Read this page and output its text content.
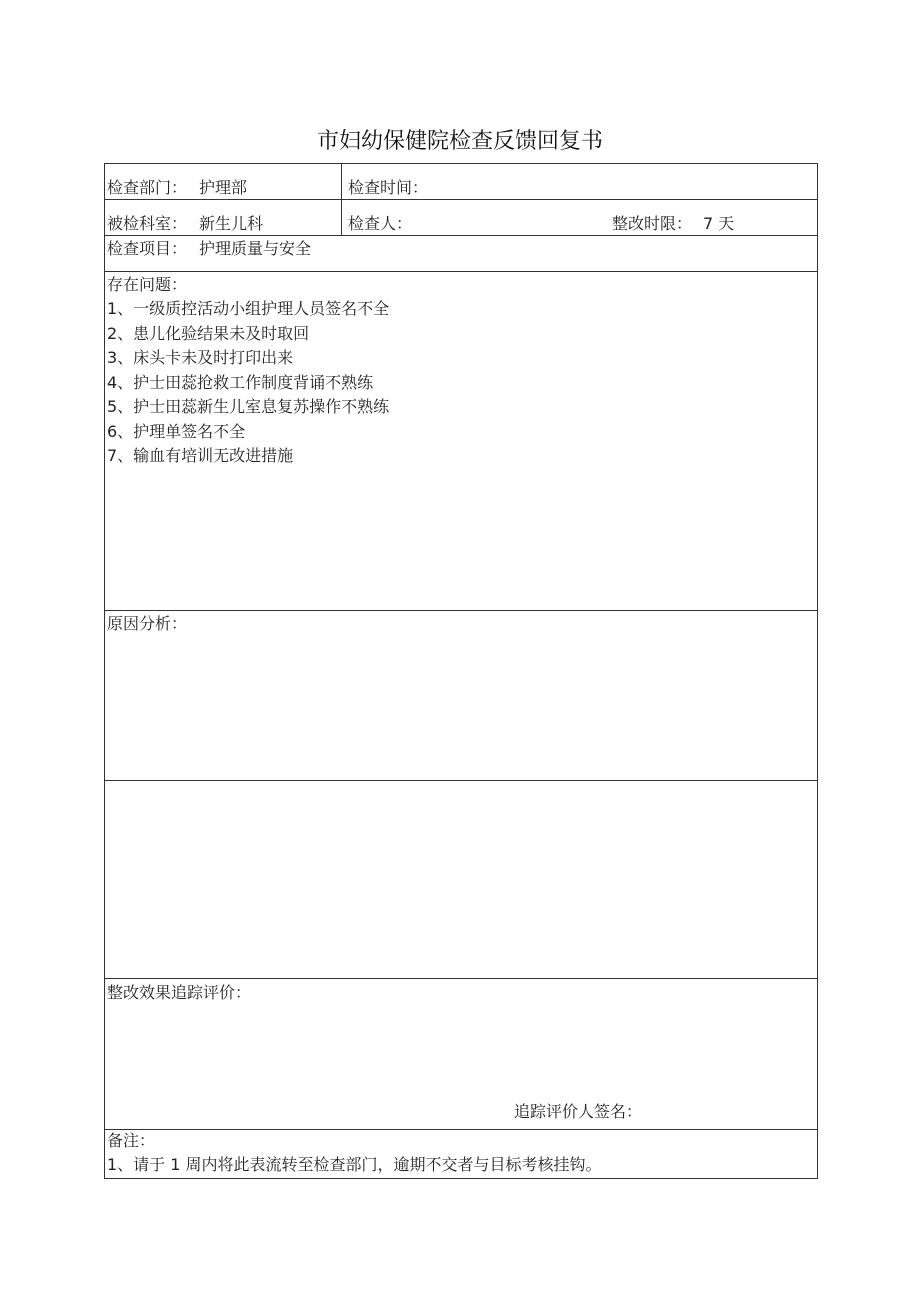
市妇幼保健院检查反馈回复书
检查部门： 护理部	检查时间：
被检科室： 新生儿科	检查人：	整改时限： 7 天
检查项目： 护理质量与安全
存在问题：
1、一级质控活动小组护理人员签名不全
2、患儿化验结果未及时取回
3、床头卡未及时打印出来
4、护士田蕊抢救工作制度背诵不熟练
5、护士田蕊新生儿室息复苏操作不熟练
6、护理单签名不全
7、输血有培训无改进措施
原因分析：
整改效果追踪评价：
追踪评价人签名：
备注：
1、请于 1 周内将此表流转至检查部门，逾期不交者与目标考核挂钩。
